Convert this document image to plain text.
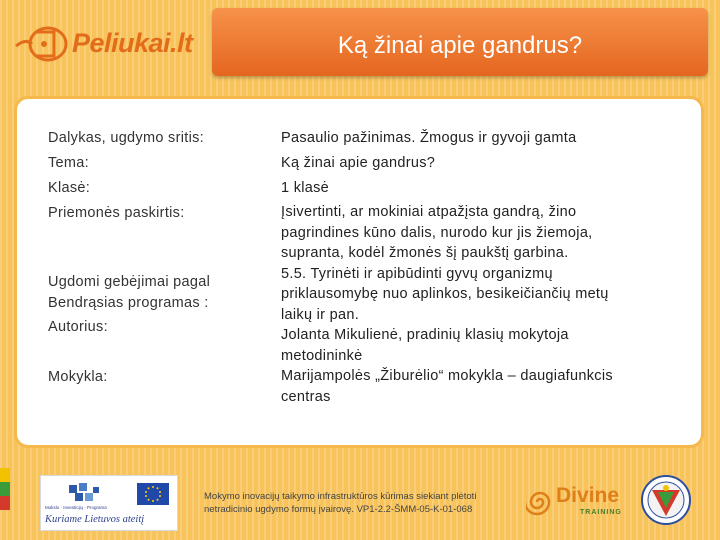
Peliukai.lt	Ką žinai apie gandrus?
Dalykas, ugdymo sritis:
Tema:
Klasė:
Priemonės paskirtis:
Ugdomi gebėjimai pagal
Bendrąsias programas :
Autorius:
Mokykla:
Pasaulio pažinimas. Žmogus ir gyvoji gamta
Ką žinai apie gandrus?
1 klasė
Įsivertinti, ar mokiniai atpažįsta gandrą, žino
pagrindines kūno dalis, nurodo kur jis žiemoja,
supranta, kodėl žmonės šį paukštį garbina.
5.5. Tyrinėti ir apibūdinti gyvų organizmų
priklausomybę nuo aplinkos, besikeičiančių metų
laikų ir pan.
Jolanta Mikulienė, pradinių klasių mokytoja
metodininkė
Marijampolės „Žiburėlio“ mokykla – daugiafunkcis
centras
Mokslo · Investicijų · Programa
Kuriame Lietuvos ateitį
Mokymo inovacijų taikymo infrastruktūros kūrimas siekiant plėtoti
netradicinio ugdymo formų įvairovę. VP1-2.2-ŠMM-05-K-01-068
Divine
TRAINING
